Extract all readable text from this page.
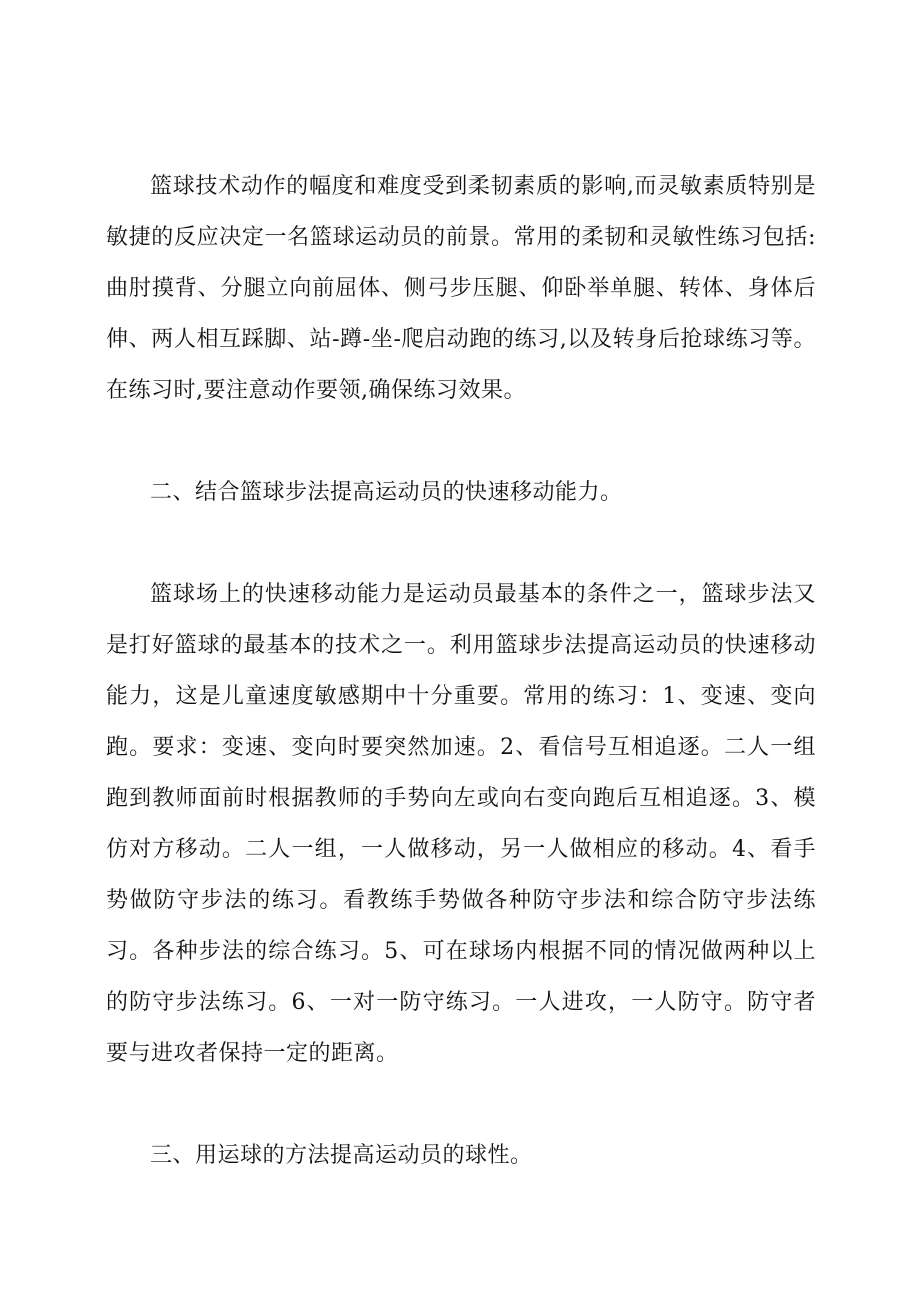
篮球技术动作的幅度和难度受到柔韧素质的影响,而灵敏素质特别是敏捷的反应决定一名篮球运动员的前景。常用的柔韧和灵敏性练习包括:曲肘摸背、分腿立向前屈体、侧弓步压腿、仰卧举单腿、转体、身体后伸、两人相互踩脚、站-蹲-坐-爬启动跑的练习,以及转身后抢球练习等。在练习时,要注意动作要领,确保练习效果。

二、结合篮球步法提高运动员的快速移动能力。

篮球场上的快速移动能力是运动员最基本的条件之一，篮球步法又是打好篮球的最基本的技术之一。利用篮球步法提高运动员的快速移动能力，这是儿童速度敏感期中十分重要。常用的练习：1、变速、变向跑。要求：变速、变向时要突然加速。2、看信号互相追逐。二人一组跑到教师面前时根据教师的手势向左或向右变向跑后互相追逐。3、模仿对方移动。二人一组，一人做移动，另一人做相应的移动。4、看手势做防守步法的练习。看教练手势做各种防守步法和综合防守步法练习。各种步法的综合练习。5、可在球场内根据不同的情况做两种以上的防守步法练习。6、一对一防守练习。一人进攻，一人防守。防守者要与进攻者保持一定的距离。

三、用运球的方法提高运动员的球性。
